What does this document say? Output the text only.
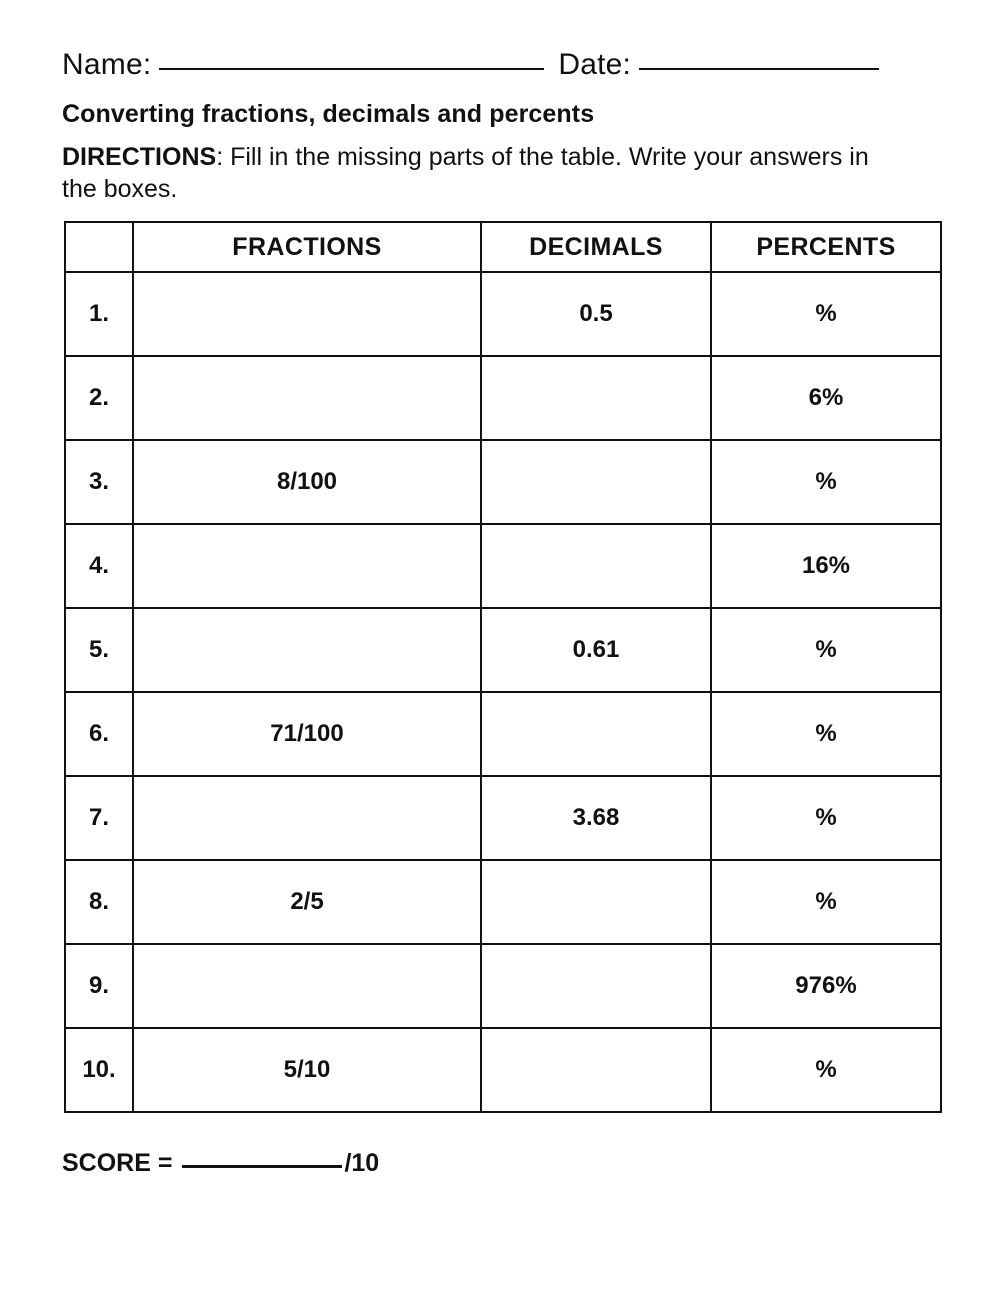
Name:	Date:
Converting fractions, decimals and percents

DIRECTIONS: Fill in the missing parts of the table. Write your answers in the boxes.

	FRACTIONS	DECIMALS	PERCENTS
1.		0.5	%
2.			6%
3.	8/100		%
4.			16%
5.		0.61	%
6.	71/100		%
7.		3.68	%
8.	2/5		%
9.			976%
10.	5/10		%
SCORE =	/10
